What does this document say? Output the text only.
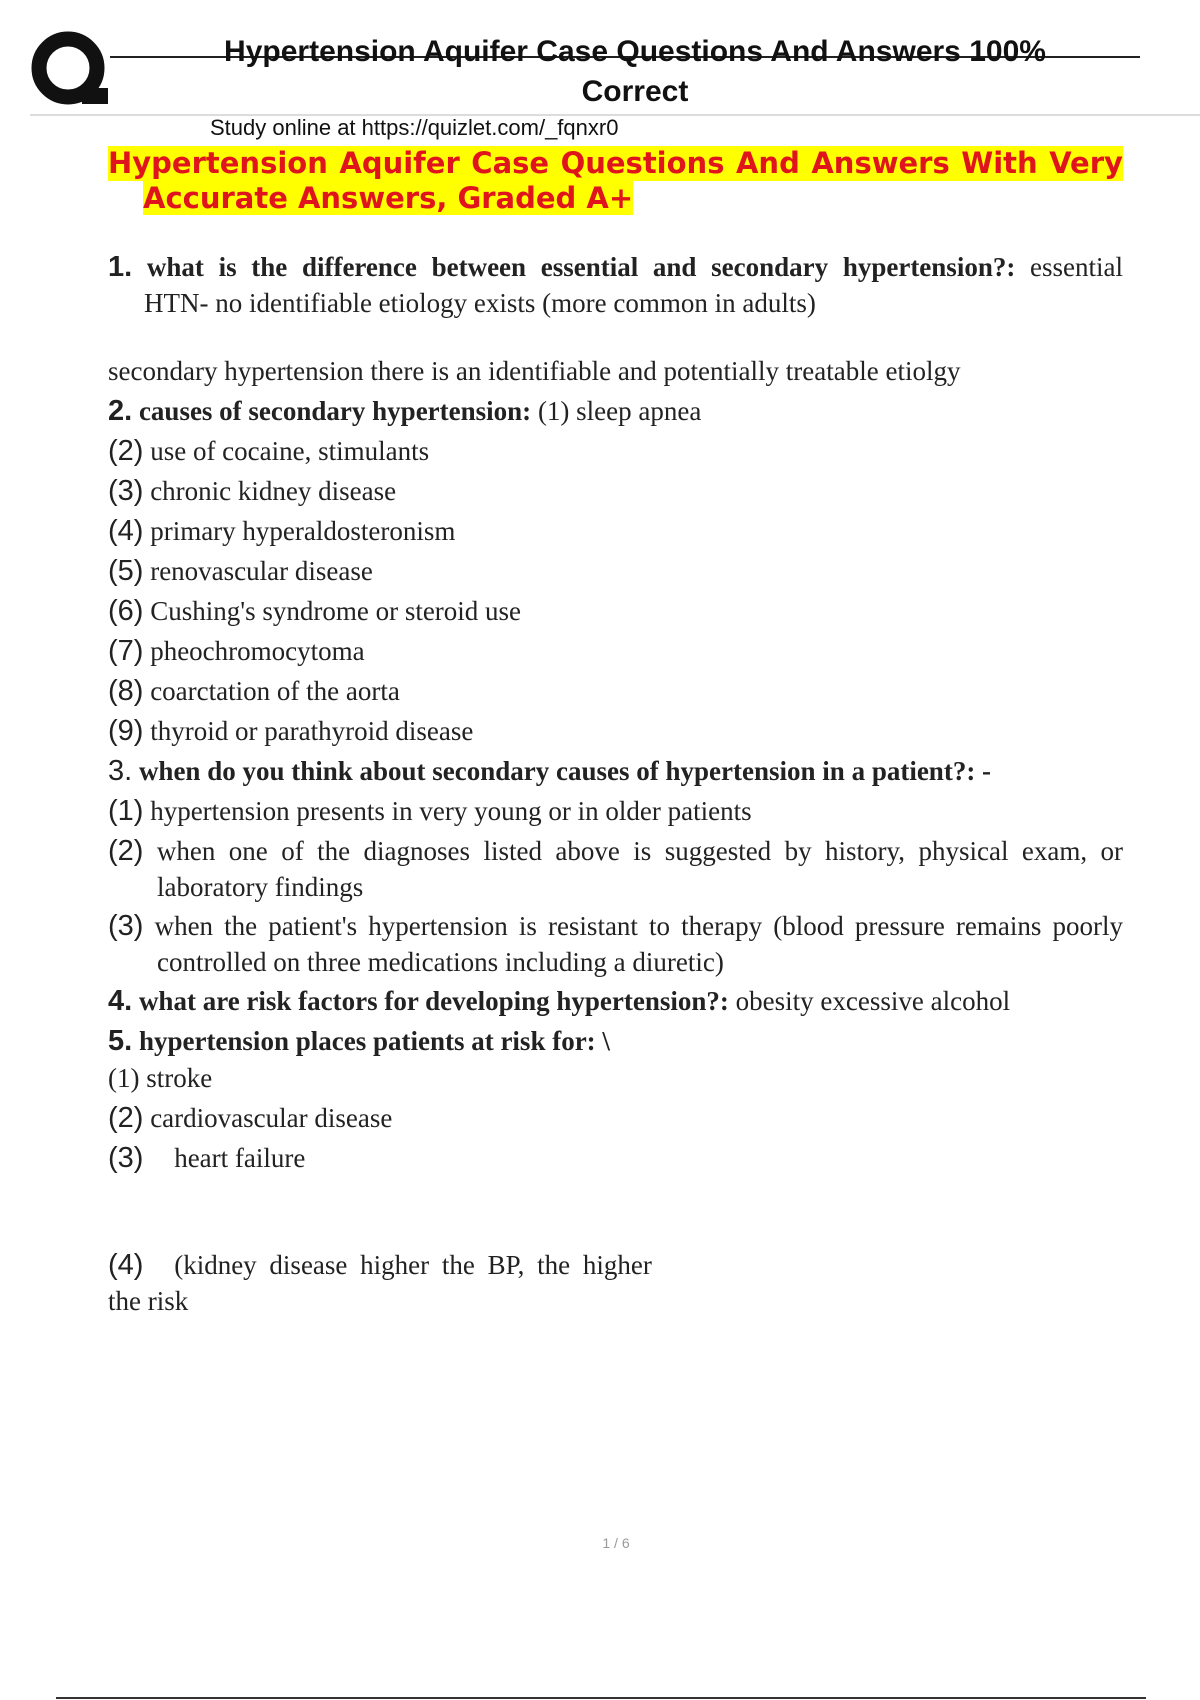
Hypertension Aquifer Case Questions And Answers 100%
Correct
Study online at https://quizlet.com/_fqnxr0
Hypertension Aquifer Case Questions And Answers With Very
Accurate Answers, Graded A+
1. what is the difference between essential and secondary hypertension?: essential
HTN- no identifiable etiology exists (more common in adults)
secondary hypertension there is an identifiable and potentially treatable etiolgy
2. causes of secondary hypertension: (1) sleep apnea
(2) use of cocaine, stimulants
(3) chronic kidney disease
(4) primary hyperaldosteronism
(5) renovascular disease
(6) Cushing's syndrome or steroid use
(7) pheochromocytoma
(8) coarctation of the aorta
(9) thyroid or parathyroid disease
3. when do you think about secondary causes of hypertension in a patient?: -
(1) hypertension presents in very young or in older patients
(2) when one of the diagnoses listed above is suggested by history, physical exam, or
laboratory findings
(3) when the patient's hypertension is resistant to therapy (blood pressure remains poorly
controlled on three medications including a diuretic)
4. what are risk factors for developing hypertension?: obesity excessive alcohol
5. hypertension places patients at risk for: \
(1) stroke
(2) cardiovascular disease
(3) heart failure
(4) (kidney disease higher the BP, the higher
the risk
1 / 6
